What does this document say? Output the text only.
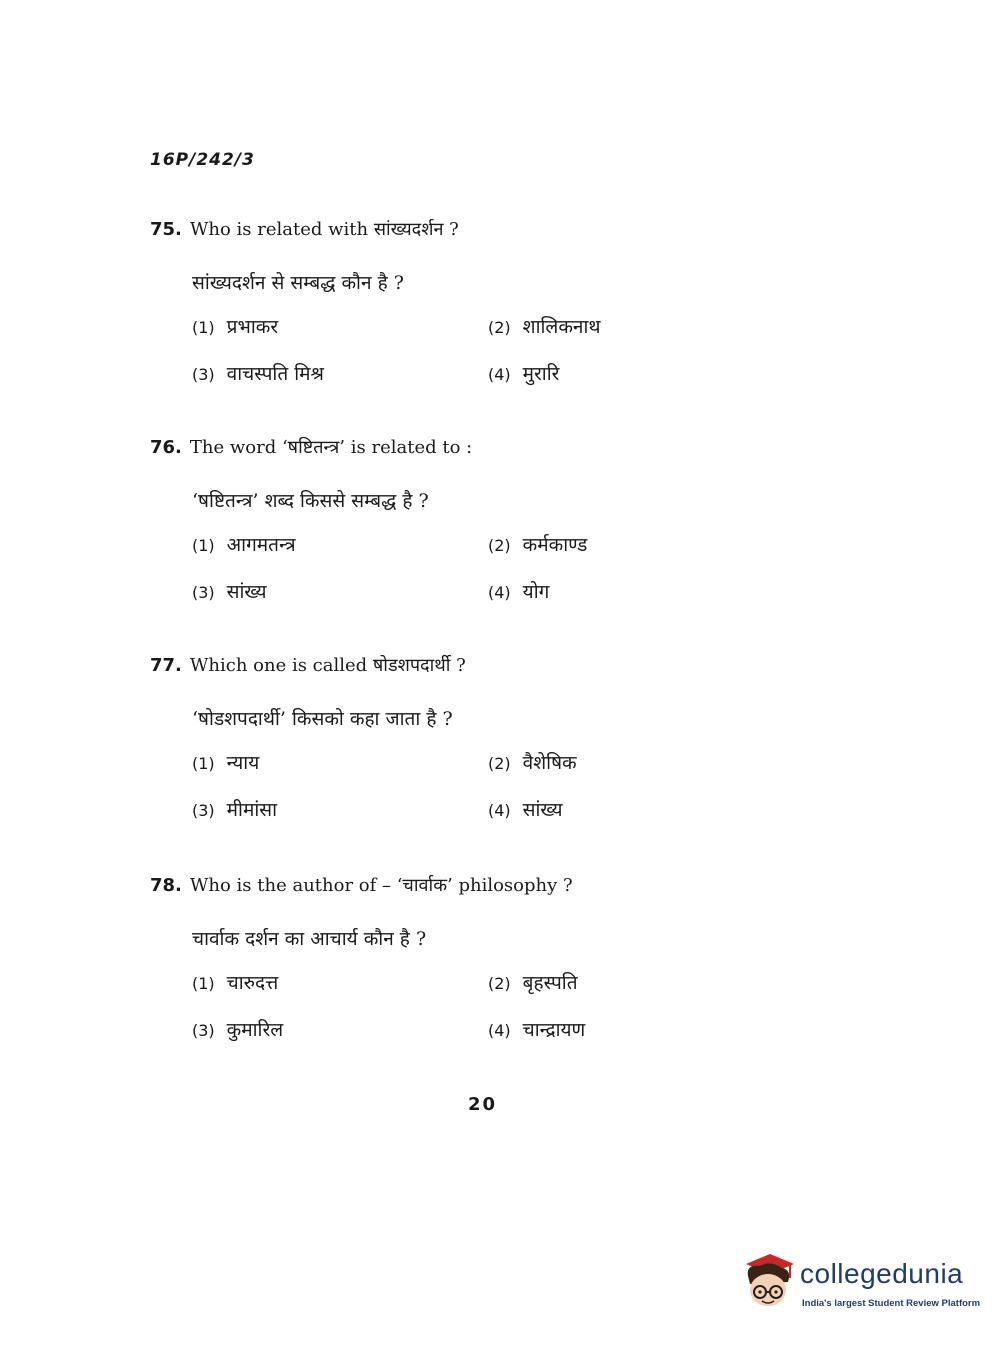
16P/242/3
75. Who is related with सांख्यदर्शन ?
सांख्यदर्शन से सम्बद्ध कौन है ?
(1) प्रभाकर	(2) शालिकनाथ
(3) वाचस्पति मिश्र	(4) मुरारि
76. The word ‘षष्टितन्त्र’ is related to :
‘षष्टितन्त्र’ शब्द किससे सम्बद्ध है ?
(1) आगमतन्त्र	(2) कर्मकाण्ड
(3) सांख्य	(4) योग
77. Which one is called षोडशपदार्थी ?
‘षोडशपदार्थी’ किसको कहा जाता है ?
(1) न्याय	(2) वैशेषिक
(3) मीमांसा	(4) सांख्य
78. Who is the author of – ‘चार्वाक’ philosophy ?
चार्वाक दर्शन का आचार्य कौन है ?
(1) चारुदत्त	(2) बृहस्पति
(3) कुमारिल	(4) चान्द्रायण
20
collegedunia
India's largest Student Review Platform
